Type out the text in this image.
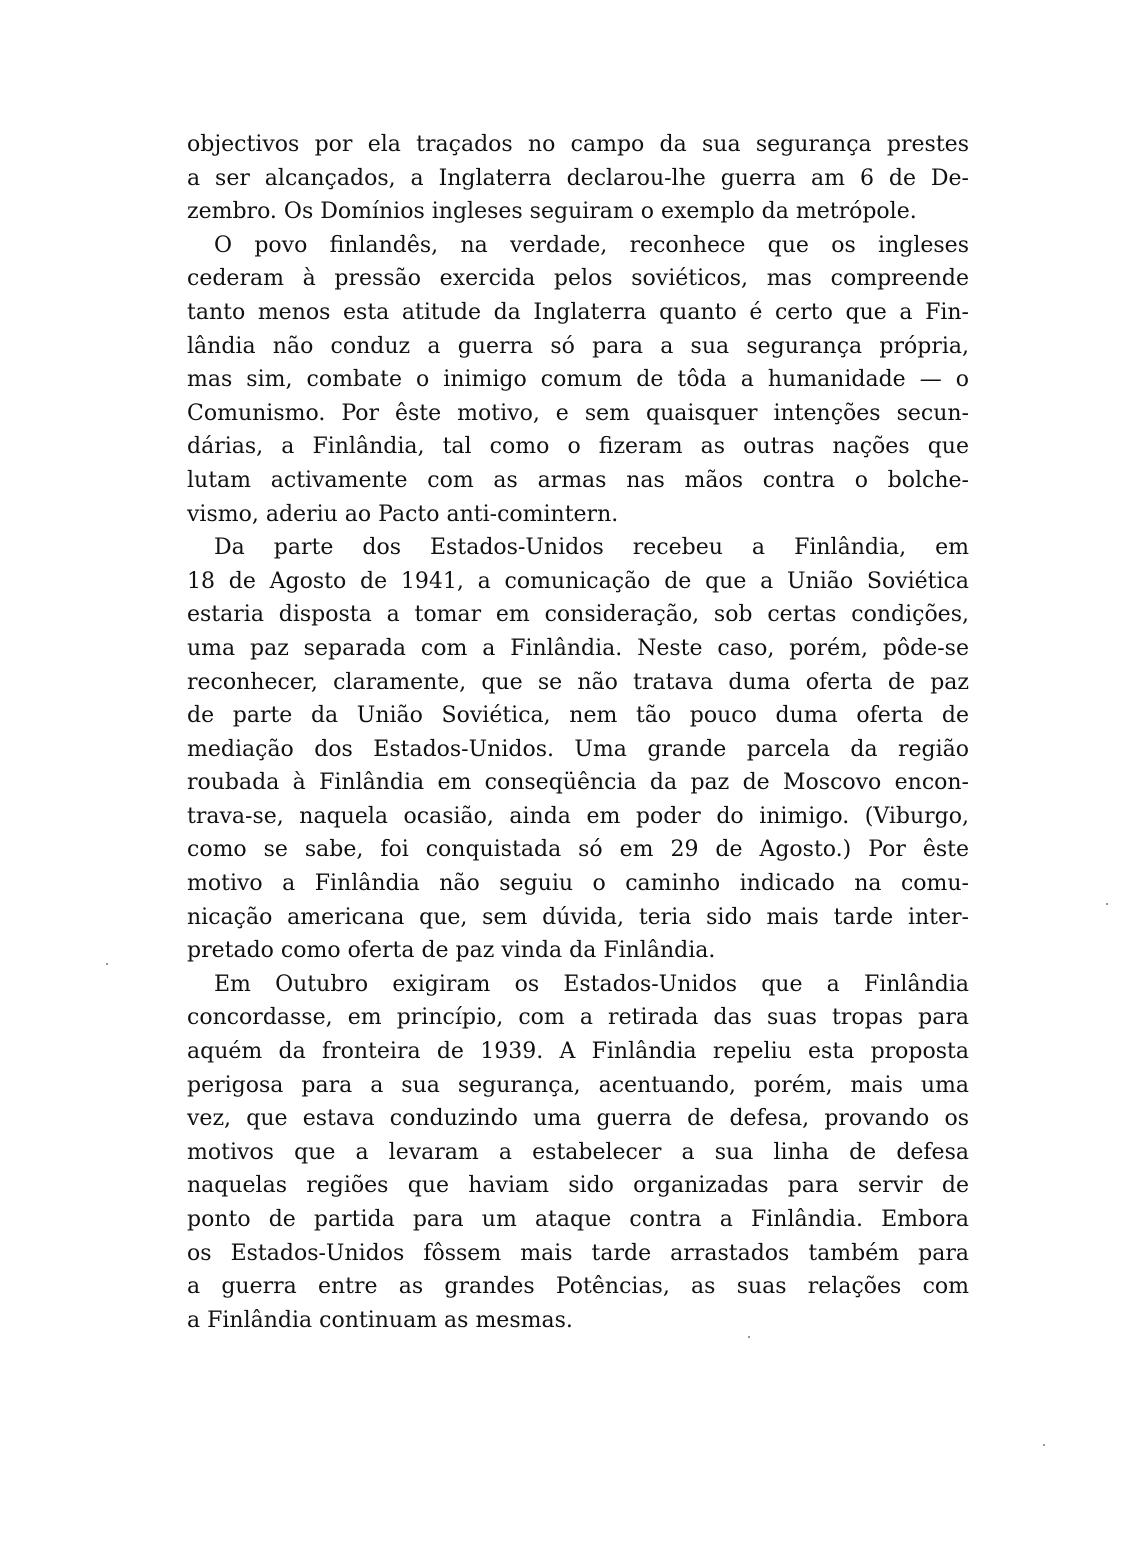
objectivos por ela traçados no campo da sua segurança prestes
a ser alcançados, a Inglaterra declarou-lhe guerra am 6 de De-
zembro. Os Domínios ingleses seguiram o exemplo da metrópole.
O povo finlandês, na verdade, reconhece que os ingleses
cederam à pressão exercida pelos soviéticos, mas compreende
tanto menos esta atitude da Inglaterra quanto é certo que a Fin-
lândia não conduz a guerra só para a sua segurança própria,
mas sim, combate o inimigo comum de tôda a humanidade — o
Comunismo. Por êste motivo, e sem quaisquer intenções secun-
dárias, a Finlândia, tal como o fizeram as outras nações que
lutam activamente com as armas nas mãos contra o bolche-
vismo, aderiu ao Pacto anti-comintern.
Da parte dos Estados-Unidos recebeu a Finlândia, em
18 de Agosto de 1941, a comunicação de que a União Soviética
estaria disposta a tomar em consideração, sob certas condições,
uma paz separada com a Finlândia. Neste caso, porém, pôde-se
reconhecer, claramente, que se não tratava duma oferta de paz
de parte da União Soviética, nem tão pouco duma oferta de
mediação dos Estados-Unidos. Uma grande parcela da região
roubada à Finlândia em conseqüência da paz de Moscovo encon-
trava-se, naquela ocasião, ainda em poder do inimigo. (Viburgo,
como se sabe, foi conquistada só em 29 de Agosto.) Por êste
motivo a Finlândia não seguiu o caminho indicado na comu-
nicação americana que, sem dúvida, teria sido mais tarde inter-
pretado como oferta de paz vinda da Finlândia.
Em Outubro exigiram os Estados-Unidos que a Finlândia
concordasse, em princípio, com a retirada das suas tropas para
aquém da fronteira de 1939. A Finlândia repeliu esta proposta
perigosa para a sua segurança, acentuando, porém, mais uma
vez, que estava conduzindo uma guerra de defesa, provando os
motivos que a levaram a estabelecer a sua linha de defesa
naquelas regiões que haviam sido organizadas para servir de
ponto de partida para um ataque contra a Finlândia. Embora
os Estados-Unidos fôssem mais tarde arrastados também para
a guerra entre as grandes Potências, as suas relações com
a Finlândia continuam as mesmas.
